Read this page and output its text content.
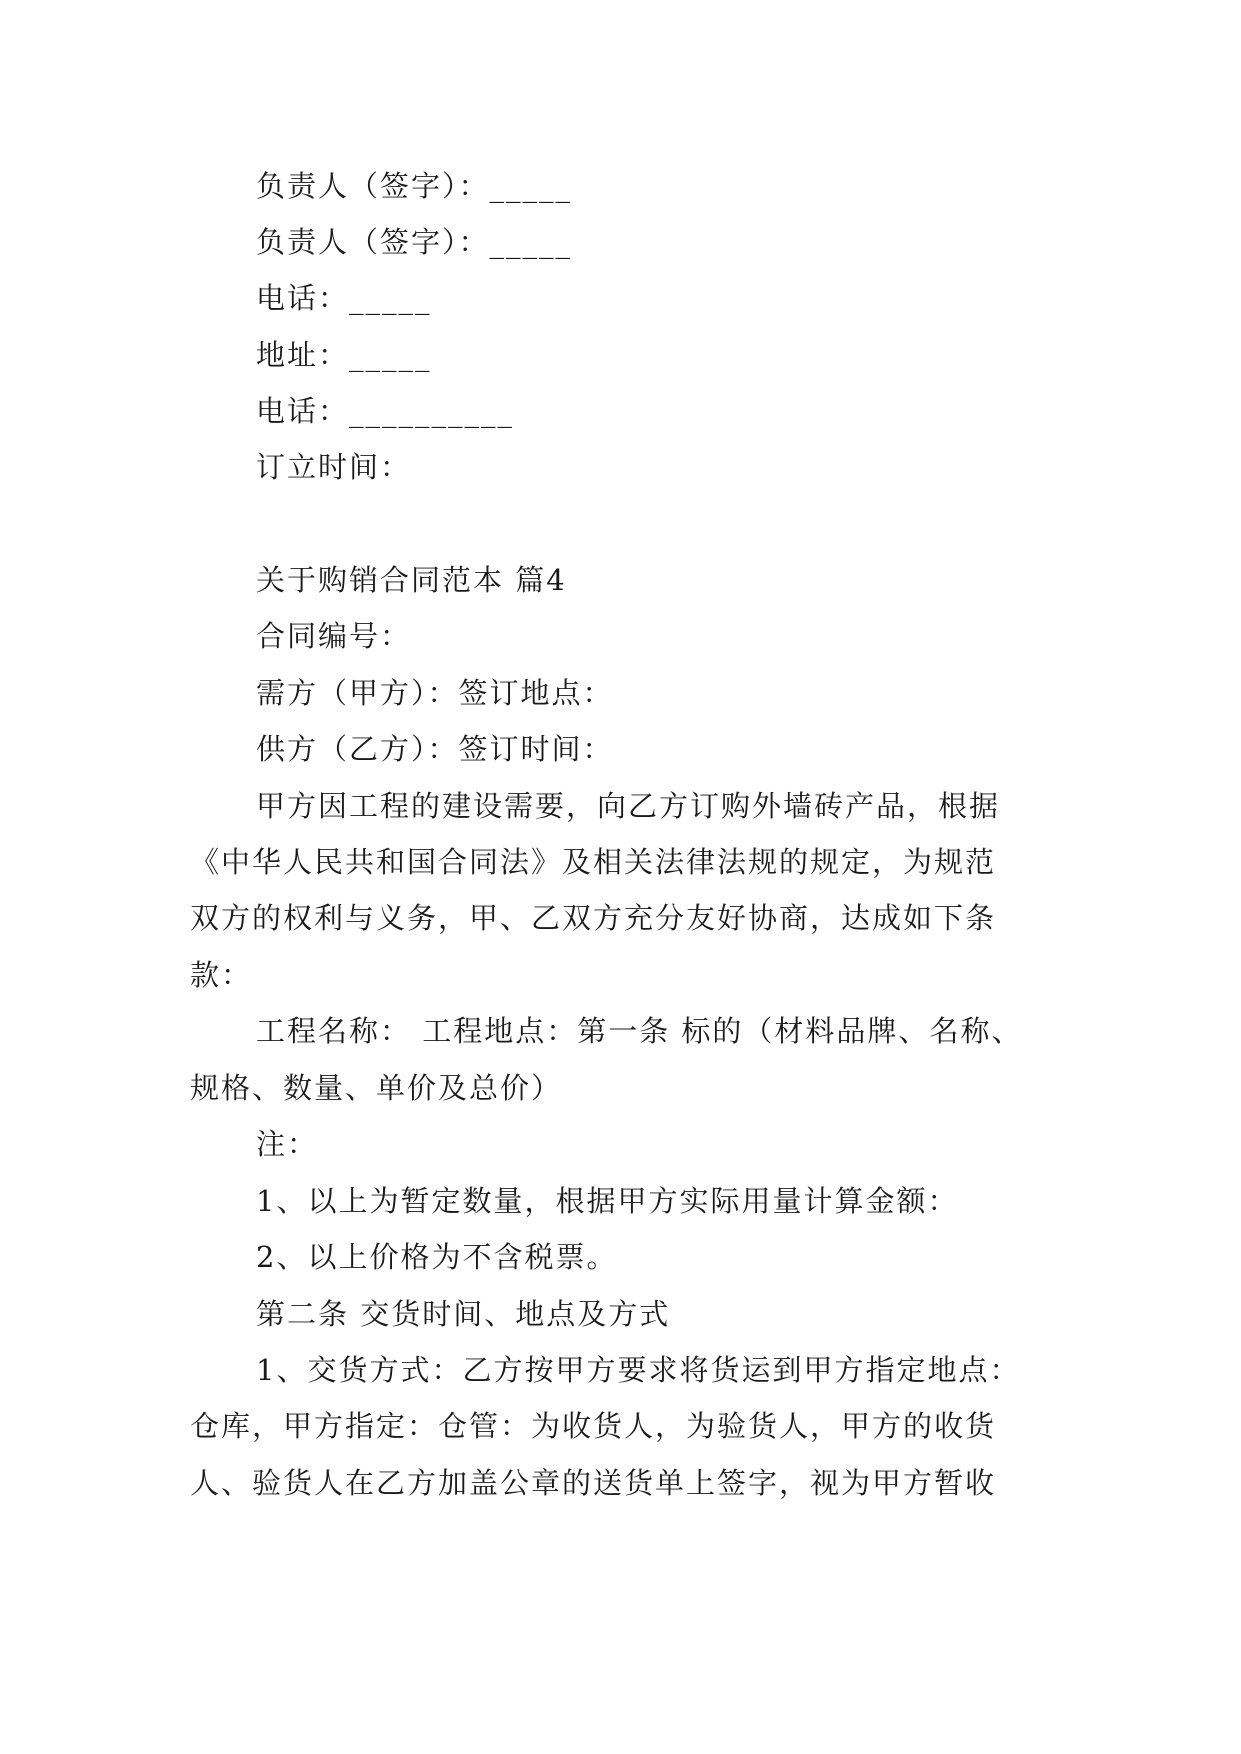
负责人（签字）：_____
负责人（签字）：_____
电话：_____
地址：_____
电话：__________
订立时间：
关于购销合同范本 篇4
合同编号：
需方（甲方）：签订地点：
供方（乙方）：签订时间：
甲方因工程的建设需要，向乙方订购外墙砖产品，根据
《中华人民共和国合同法》及相关法律法规的规定，为规范
双方的权利与义务，甲、乙双方充分友好协商，达成如下条
款：
工程名称： 工程地点：第一条 标的（材料品牌、名称、
规格、数量、单价及总价）
注：
1、以上为暂定数量，根据甲方实际用量计算金额：
2、以上价格为不含税票。
第二条 交货时间、地点及方式
1、交货方式：乙方按甲方要求将货运到甲方指定地点：
仓库，甲方指定：仓管：为收货人，为验货人，甲方的收货
人、验货人在乙方加盖公章的送货单上签字，视为甲方暂收
